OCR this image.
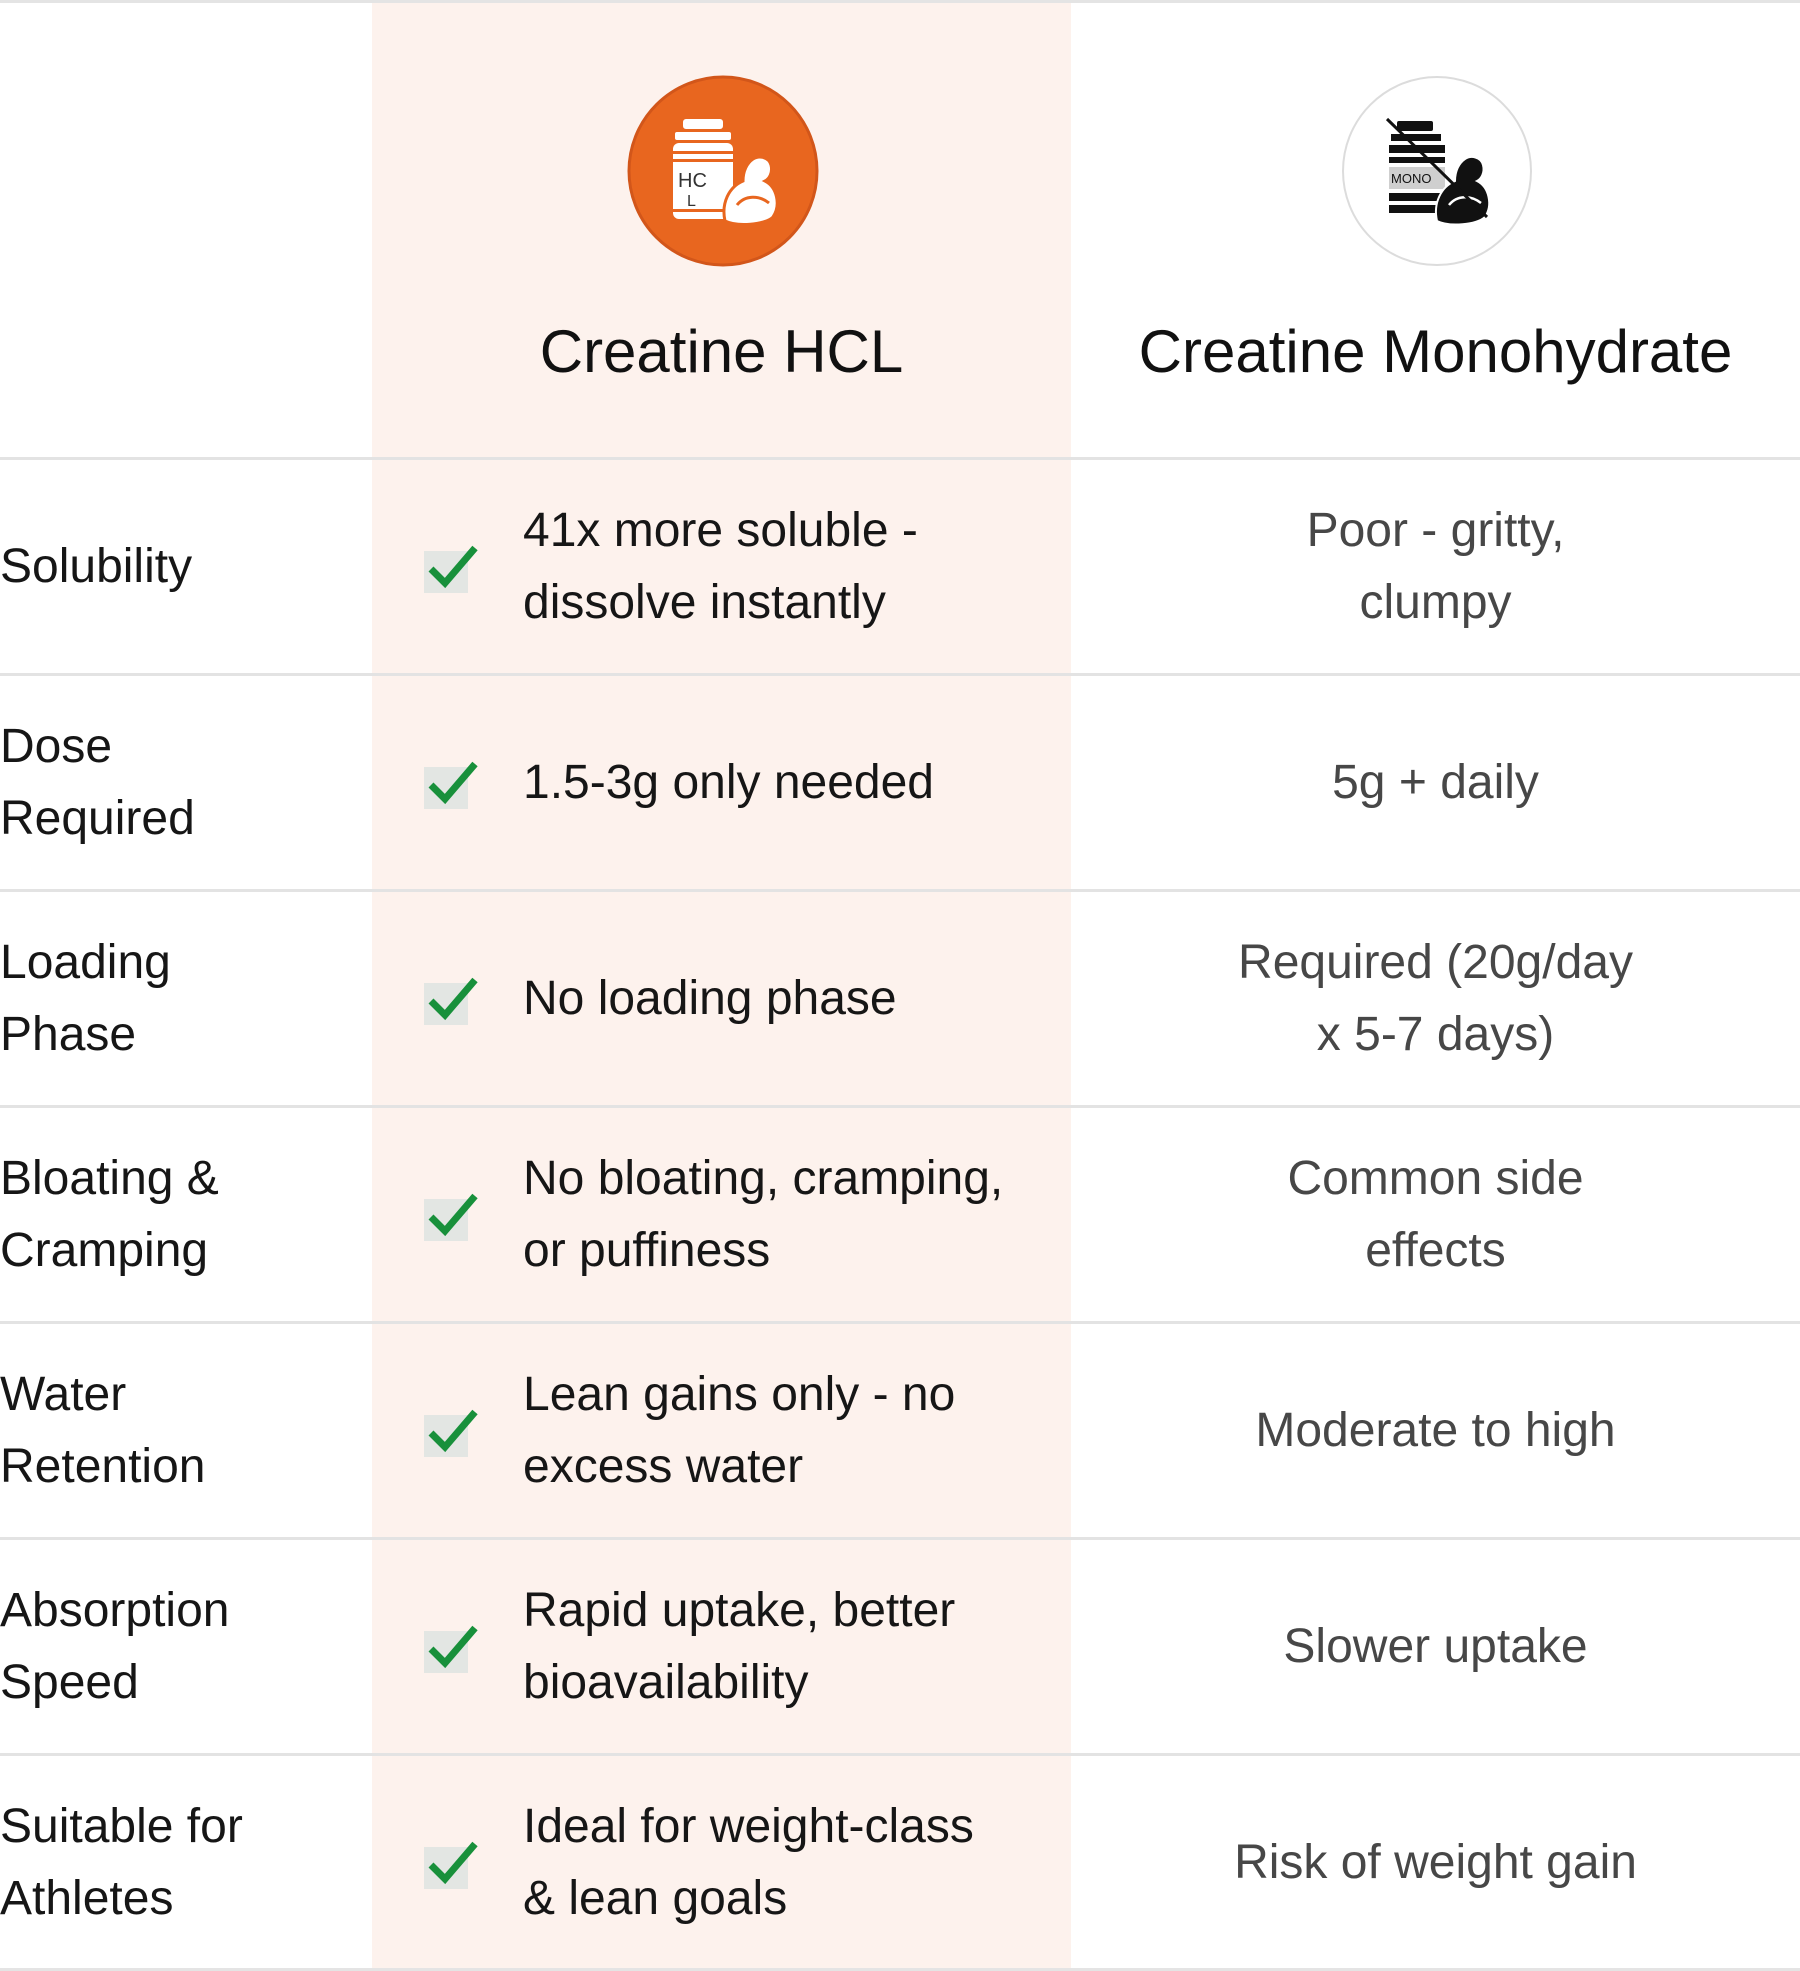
HC
L
MONO
Creatine HCL	Creatine Monohydrate
Solubility
41x more soluble -
dissolve instantly
Poor - gritty,
clumpy
Dose
Required
1.5-3g only needed	5g + daily
Loading
Phase
No loading phase
Required (20g/day
x 5-7 days)
Bloating &
Cramping
No bloating, cramping,
or puffiness
Common side
effects
Water
Retention
Lean gains only - no
excess water
Moderate to high
Absorption
Speed
Rapid uptake, better
bioavailability
Slower uptake
Suitable for
Athletes
Ideal for weight-class
& lean goals
Risk of weight gain
